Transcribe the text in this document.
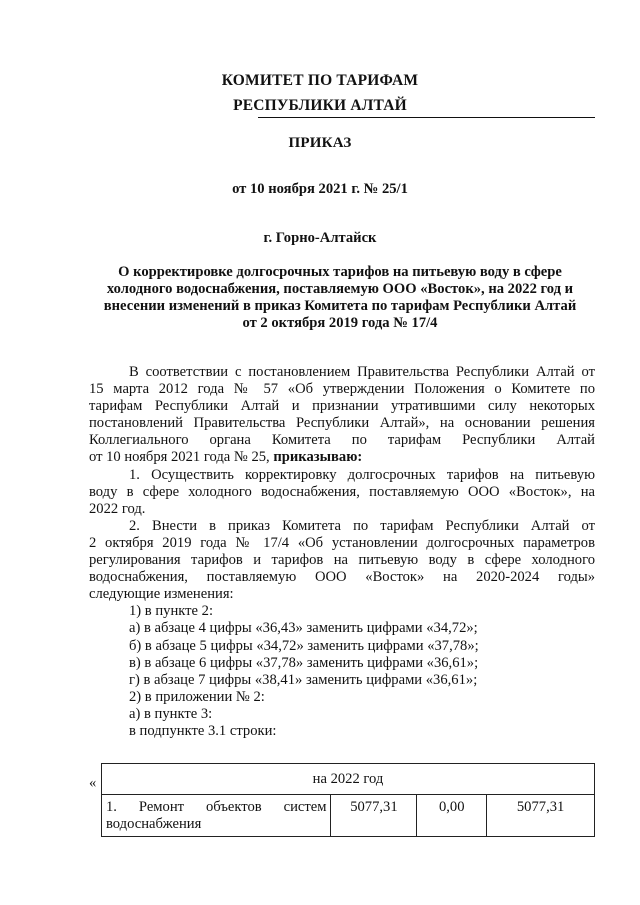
КОМИТЕТ ПО ТАРИФАМ
РЕСПУБЛИКИ АЛТАЙ
ПРИКАЗ
от 10 ноября 2021 г. № 25/1
г. Горно-Алтайск
О корректировке долгосрочных тарифов на питьевую воду в сфере
холодного водоснабжения, поставляемую ООО «Восток», на 2022 год и
внесении изменений в приказ Комитета по тарифам Республики Алтай
от 2 октября 2019 года № 17/4
В соответствии с постановлением Правительства Республики Алтай от
15 марта 2012 года № 57 «Об утверждении Положения о Комитете по
тарифам Республики Алтай и признании утратившими силу некоторых
постановлений Правительства Республики Алтай», на основании решения
Коллегиального органа Комитета по тарифам Республики Алтай
от 10 ноября 2021 года № 25, приказываю:
1. Осуществить корректировку долгосрочных тарифов на питьевую
воду в сфере холодного водоснабжения, поставляемую ООО «Восток», на
2022 год.
2. Внести в приказ Комитета по тарифам Республики Алтай от
2 октября 2019 года № 17/4 «Об установлении долгосрочных параметров
регулирования тарифов и тарифов на питьевую воду в сфере холодного
водоснабжения, поставляемую ООО «Восток» на 2020-2024 годы»
следующие изменения:
1) в пункте 2:
а) в абзаце 4 цифры «36,43» заменить цифрами «34,72»;
б) в абзаце 5 цифры «34,72» заменить цифрами «37,78»;
в) в абзаце 6 цифры «37,78» заменить цифрами «36,61»;
г) в абзаце 7 цифры «38,41» заменить цифрами «36,61»;
2) в приложении № 2:
а) в пункте 3:
в подпункте 3.1 строки:
«	на 2022 год

1. Ремонт объектов систем
водоснабжения	5077,31	0,00	5077,31
